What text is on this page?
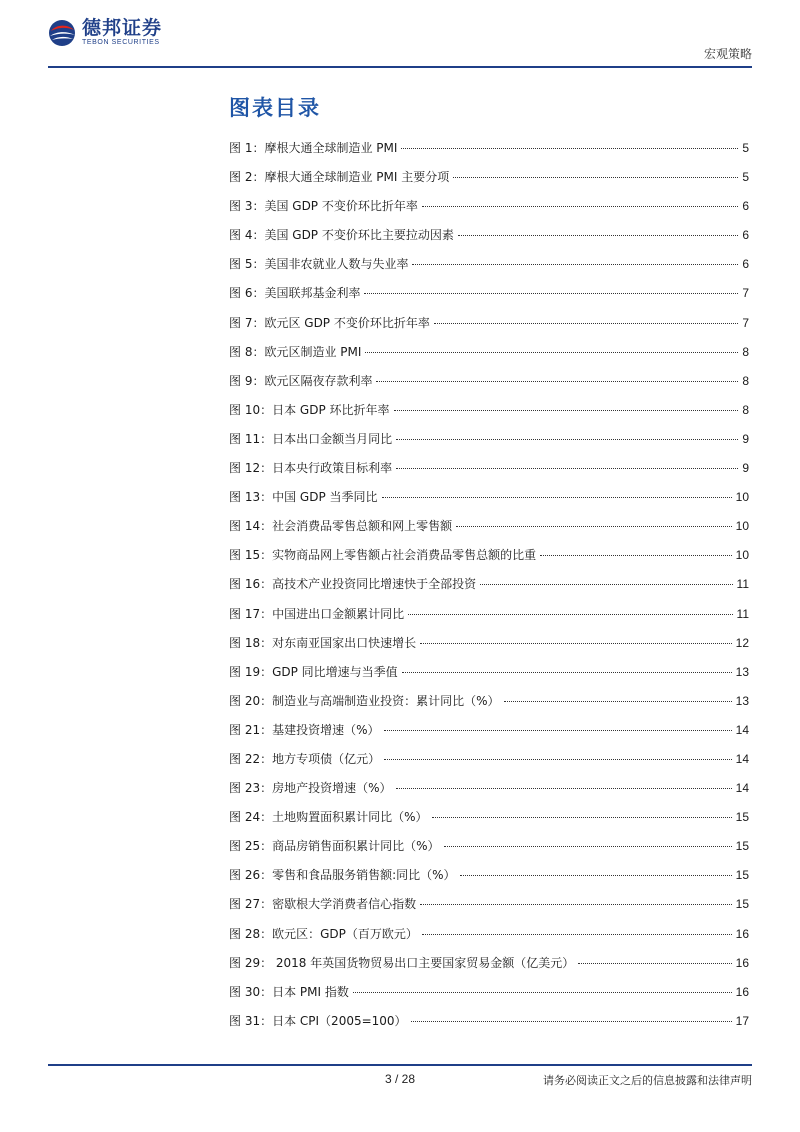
德邦证券
TEBON SECURITIES
宏观策略
图表目录
图 1：摩根大通全球制造业 PMI	5
图 2：摩根大通全球制造业 PMI 主要分项	5
图 3：美国 GDP 不变价环比折年率	6
图 4：美国 GDP 不变价环比主要拉动因素	6
图 5：美国非农就业人数与失业率	6
图 6：美国联邦基金利率	7
图 7：欧元区 GDP 不变价环比折年率	7
图 8：欧元区制造业 PMI	8
图 9：欧元区隔夜存款利率	8
图 10：日本 GDP 环比折年率	8
图 11：日本出口金额当月同比	9
图 12：日本央行政策目标利率	9
图 13：中国 GDP 当季同比	10
图 14：社会消费品零售总额和网上零售额	10
图 15：实物商品网上零售额占社会消费品零售总额的比重	10
图 16：高技术产业投资同比增速快于全部投资	11
图 17：中国进出口金额累计同比	11
图 18：对东南亚国家出口快速增长	12
图 19：GDP 同比增速与当季值	13
图 20：制造业与高端制造业投资：累计同比（%）	13
图 21：基建投资增速（%）	14
图 22：地方专项债（亿元）	14
图 23：房地产投资增速（%）	14
图 24：土地购置面积累计同比（%）	15
图 25：商品房销售面积累计同比（%）	15
图 26：零售和食品服务销售额:同比（%）	15
图 27：密歇根大学消费者信心指数	15
图 28：欧元区：GDP（百万欧元）	16
图 29： 2018 年英国货物贸易出口主要国家贸易金额（亿美元）	16
图 30：日本 PMI 指数	16
图 31：日本 CPI（2005=100）	17
3 / 28	请务必阅读正文之后的信息披露和法律声明
